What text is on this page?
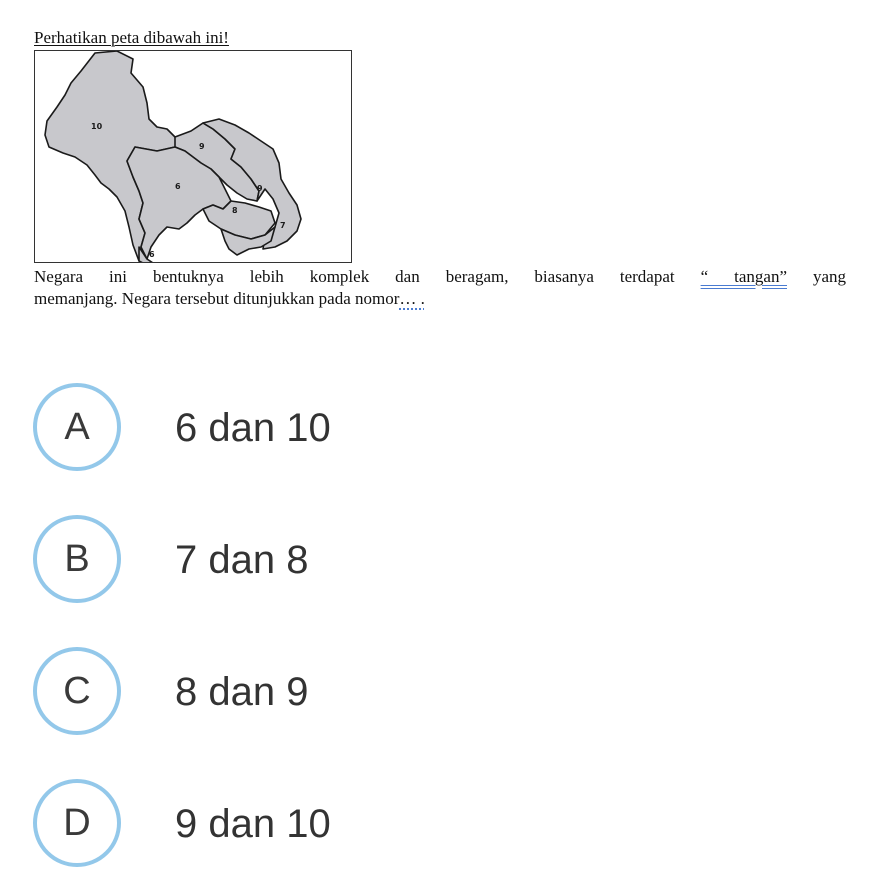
Perhatikan peta dibawah ini!
10
9
6	9
8
7
6
Negara ini bentuknya lebih komplek dan beragam, biasanya terdapat “ tangan” yang
memanjang. Negara tersebut ditunjukkan pada nomor… .
A 6 dan 10
B 7 dan 8
C 8 dan 9
D 9 dan 10
